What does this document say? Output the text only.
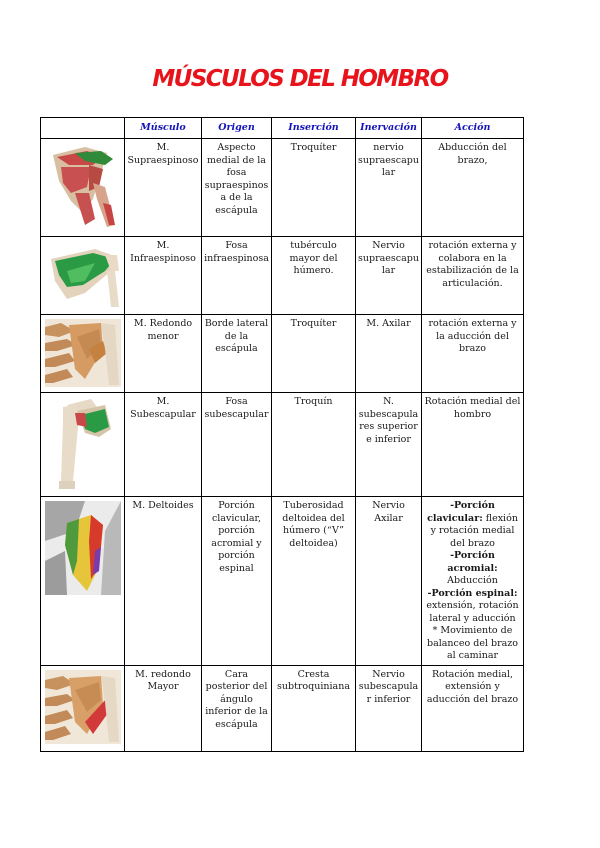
MÚSCULOS DEL HOMBRO
	Músculo	Origen	Inserción	Inervación	Acción

	M. Supraespinoso	Aspecto medial de la fosa supraespinosa de la escápula	Troquíter	nervio supraescapular	Abducción del brazo,

	M. Infraespinoso	Fosa infraespinosa	tubérculo mayor del húmero.	Nervio supraescapular	rotación externa y colabora en la estabilización de la articulación.

	M. Redondo menor	Borde lateral de la escápula	Troquíter	M. Axilar	rotación externa y la aducción del brazo

	M. Subescapular	Fosa subescapular	Troquín	N. subescapulares superior e inferior	Rotación medial del hombro

	M. Deltoides	Porción clavicular, porción acromial y porción espinal	Tuberosidad deltoidea del húmero (“V” deltoidea)	Nervio Axilar	-Porción clavicular: flexión y rotación medial del brazo
-Porción acromial: Abducción
-Porción espinal: extensión, rotación lateral y aducción
* Movimiento de balanceo del brazo al caminar

	M. redondo Mayor	Cara posterior del ángulo inferior de la escápula	Cresta subtroquiniana	Nervio subescapular inferior	Rotación medial, extensión y aducción del brazo
